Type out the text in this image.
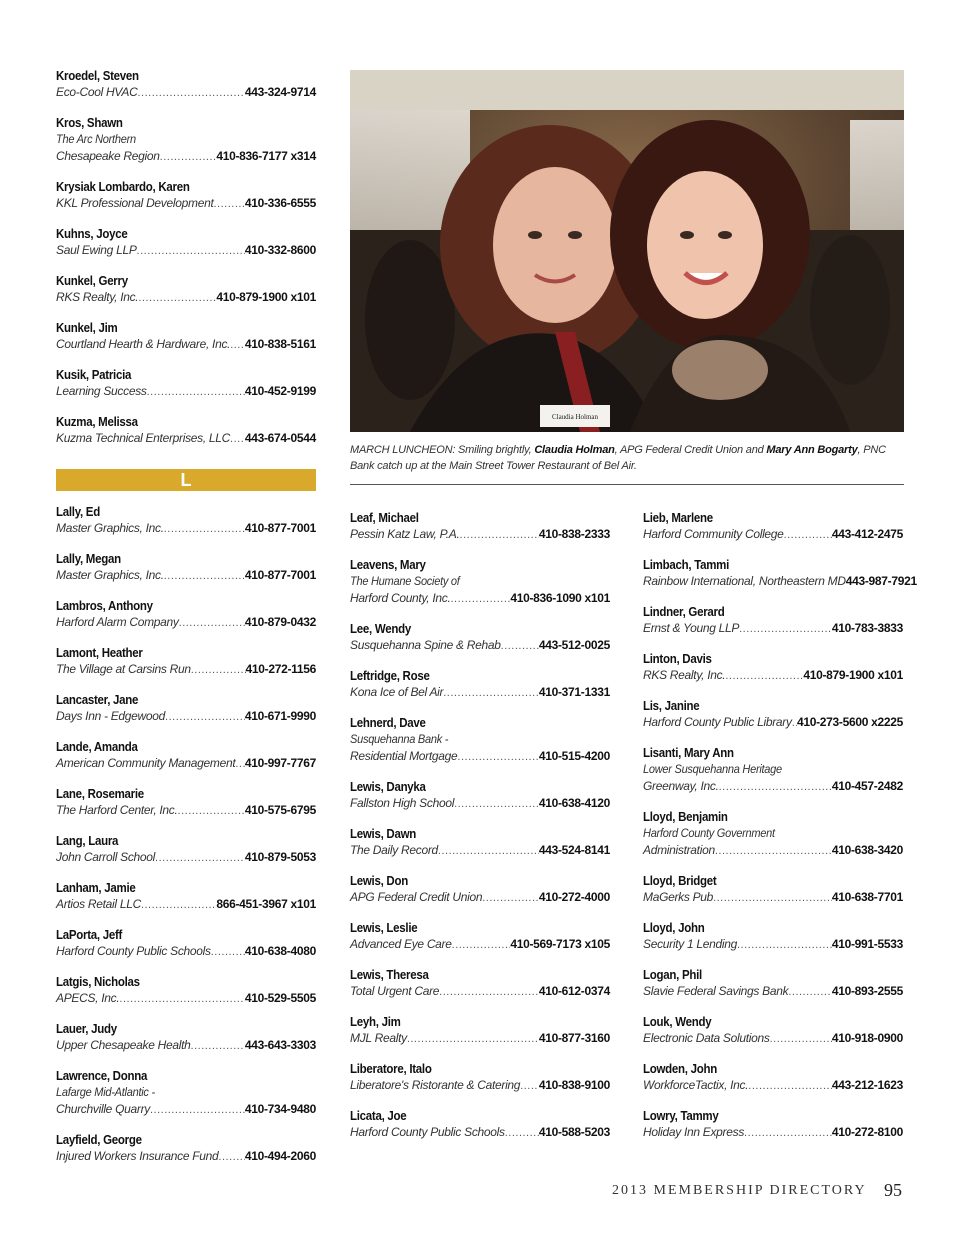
Kroedel, Steven
Eco-Cool HVAC .....	443-324-9714
Kros, Shawn
The Arc Northern
Chesapeake Region .....	410-836-7177 x314
Krysiak Lombardo, Karen
KKL Professional Development .....	410-336-6555
Kuhns, Joyce
Saul Ewing LLP .....	410-332-8600
Kunkel, Gerry
RKS Realty, Inc. .....	410-879-1900 x101
Kunkel, Jim
Courtland Hearth & Hardware, Inc. ..... 410-838-5161
Kusik, Patricia
Learning Success .....	410-452-9199
Kuzma, Melissa
Kuzma Technical Enterprises, LLC ..... 443-674-0544
L
Lally, Ed
Master Graphics, Inc. .....	410-877-7001
Lally, Megan
Master Graphics, Inc. .....	410-877-7001
Lambros, Anthony
Harford Alarm Company .....	410-879-0432
Lamont, Heather
The Village at Carsins Run .....	410-272-1156
Lancaster, Jane
Days Inn - Edgewood .....	410-671-9990
Lande, Amanda
American Community Management ..... 410-997-7767
Lane, Rosemarie
The Harford Center, Inc. .....	410-575-6795
Lang, Laura
John Carroll School .....	410-879-5053
Lanham, Jamie
Artios Retail LLC .....	866-451-3967 x101
LaPorta, Jeff
Harford County Public Schools .....	410-638-4080
Latgis, Nicholas
APECS, Inc. .....	410-529-5505
Lauer, Judy
Upper Chesapeake Health .....	443-643-3303
Lawrence, Donna
Lafarge Mid-Atlantic -
Churchville Quarry .....	410-734-9480
Layfield, George
Injured Workers Insurance Fund ..... 410-494-2060
Claudia Holman
MARCH LUNCHEON: Smiling brightly, Claudia Holman, APG Federal Credit Union and Mary Ann Bogarty, PNC Bank catch up at the Main Street Tower Restaurant of Bel Air.
Leaf, Michael
Pessin Katz Law, P.A. .....	410-838-2333
Leavens, Mary
The Humane Society of
Harford County, Inc. .....	410-836-1090 x101
Lee, Wendy
Susquehanna Spine & Rehab .....	443-512-0025
Leftridge, Rose
Kona Ice of Bel Air .....	410-371-1331
Lehnerd, Dave
Susquehanna Bank -
Residential Mortgage .....	410-515-4200
Lewis, Danyka
Fallston High School .....	410-638-4120
Lewis, Dawn
The Daily Record .....	443-524-8141
Lewis, Don
APG Federal Credit Union .....	410-272-4000
Lewis, Leslie
Advanced Eye Care .....	410-569-7173 x105
Lewis, Theresa
Total Urgent Care .....	410-612-0374
Leyh, Jim
MJL Realty .....	410-877-3160
Liberatore, Italo
Liberatore's Ristorante & Catering ..... 410-838-9100
Licata, Joe
Harford County Public Schools .....	410-588-5203
Lieb, Marlene
Harford Community College .....	443-412-2475
Limbach, Tammi
Rainbow International, Northeastern MD 443-987-7921
Lindner, Gerard
Ernst & Young LLP .....	410-783-3833
Linton, Davis
RKS Realty, Inc. .....	410-879-1900 x101
Lis, Janine
Harford County Public Library ..... 410-273-5600 x2225
Lisanti, Mary Ann
Lower Susquehanna Heritage
Greenway, Inc. .....	410-457-2482
Lloyd, Benjamin
Harford County Government
Administration .....	410-638-3420
Lloyd, Bridget
MaGerks Pub .....	410-638-7701
Lloyd, John
Security 1 Lending .....	410-991-5533
Logan, Phil
Slavie Federal Savings Bank .....	410-893-2555
Louk, Wendy
Electronic Data Solutions .....	410-918-0900
Lowden, John
WorkforceTactix, Inc. .....	443-212-1623
Lowry, Tammy
Holiday Inn Express .....	410-272-8100
2013 MEMBERSHIP DIRECTORY 95
